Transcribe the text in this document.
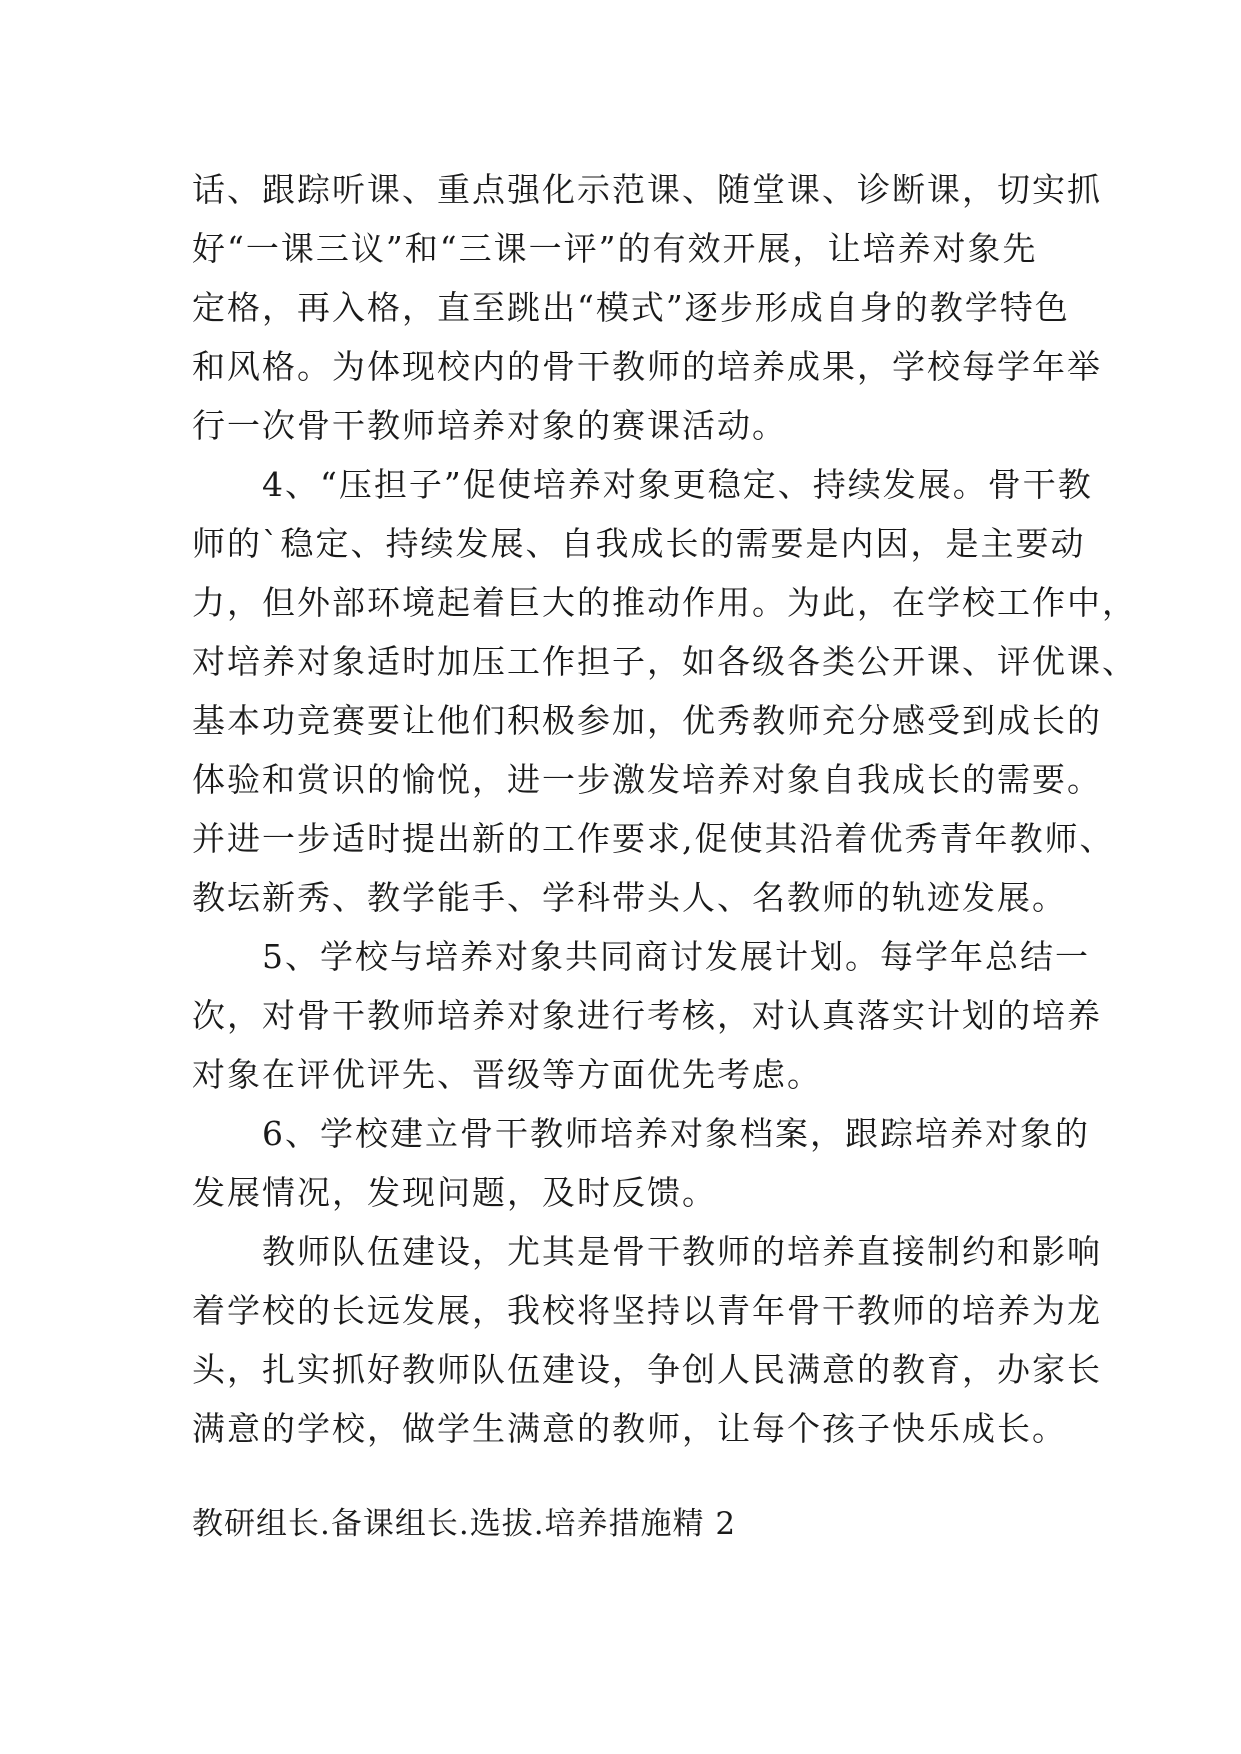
话、跟踪听课、重点强化示范课、随堂课、诊断课，切实抓
好“一课三议”和“三课一评”的有效开展，让培养对象先
定格，再入格，直至跳出“模式”逐步形成自身的教学特色
和风格。为体现校内的骨干教师的培养成果，学校每学年举
行一次骨干教师培养对象的赛课活动。
　　4、“压担子”促使培养对象更稳定、持续发展。骨干教
师的`稳定、持续发展、自我成长的需要是内因，是主要动
力，但外部环境起着巨大的推动作用。为此，在学校工作中，
对培养对象适时加压工作担子，如各级各类公开课、评优课、
基本功竞赛要让他们积极参加，优秀教师充分感受到成长的
体验和赏识的愉悦，进一步激发培养对象自我成长的需要。
并进一步适时提出新的工作要求,促使其沿着优秀青年教师、
教坛新秀、教学能手、学科带头人、名教师的轨迹发展。
　　5、学校与培养对象共同商讨发展计划。每学年总结一
次，对骨干教师培养对象进行考核，对认真落实计划的培养
对象在评优评先、晋级等方面优先考虑。
　　6、学校建立骨干教师培养对象档案，跟踪培养对象的
发展情况，发现问题，及时反馈。
　　教师队伍建设，尤其是骨干教师的培养直接制约和影响
着学校的长远发展，我校将坚持以青年骨干教师的培养为龙
头，扎实抓好教师队伍建设，争创人民满意的教育，办家长
满意的学校，做学生满意的教师，让每个孩子快乐成长。
教研组长.备课组长.选拔.培养措施精 2
